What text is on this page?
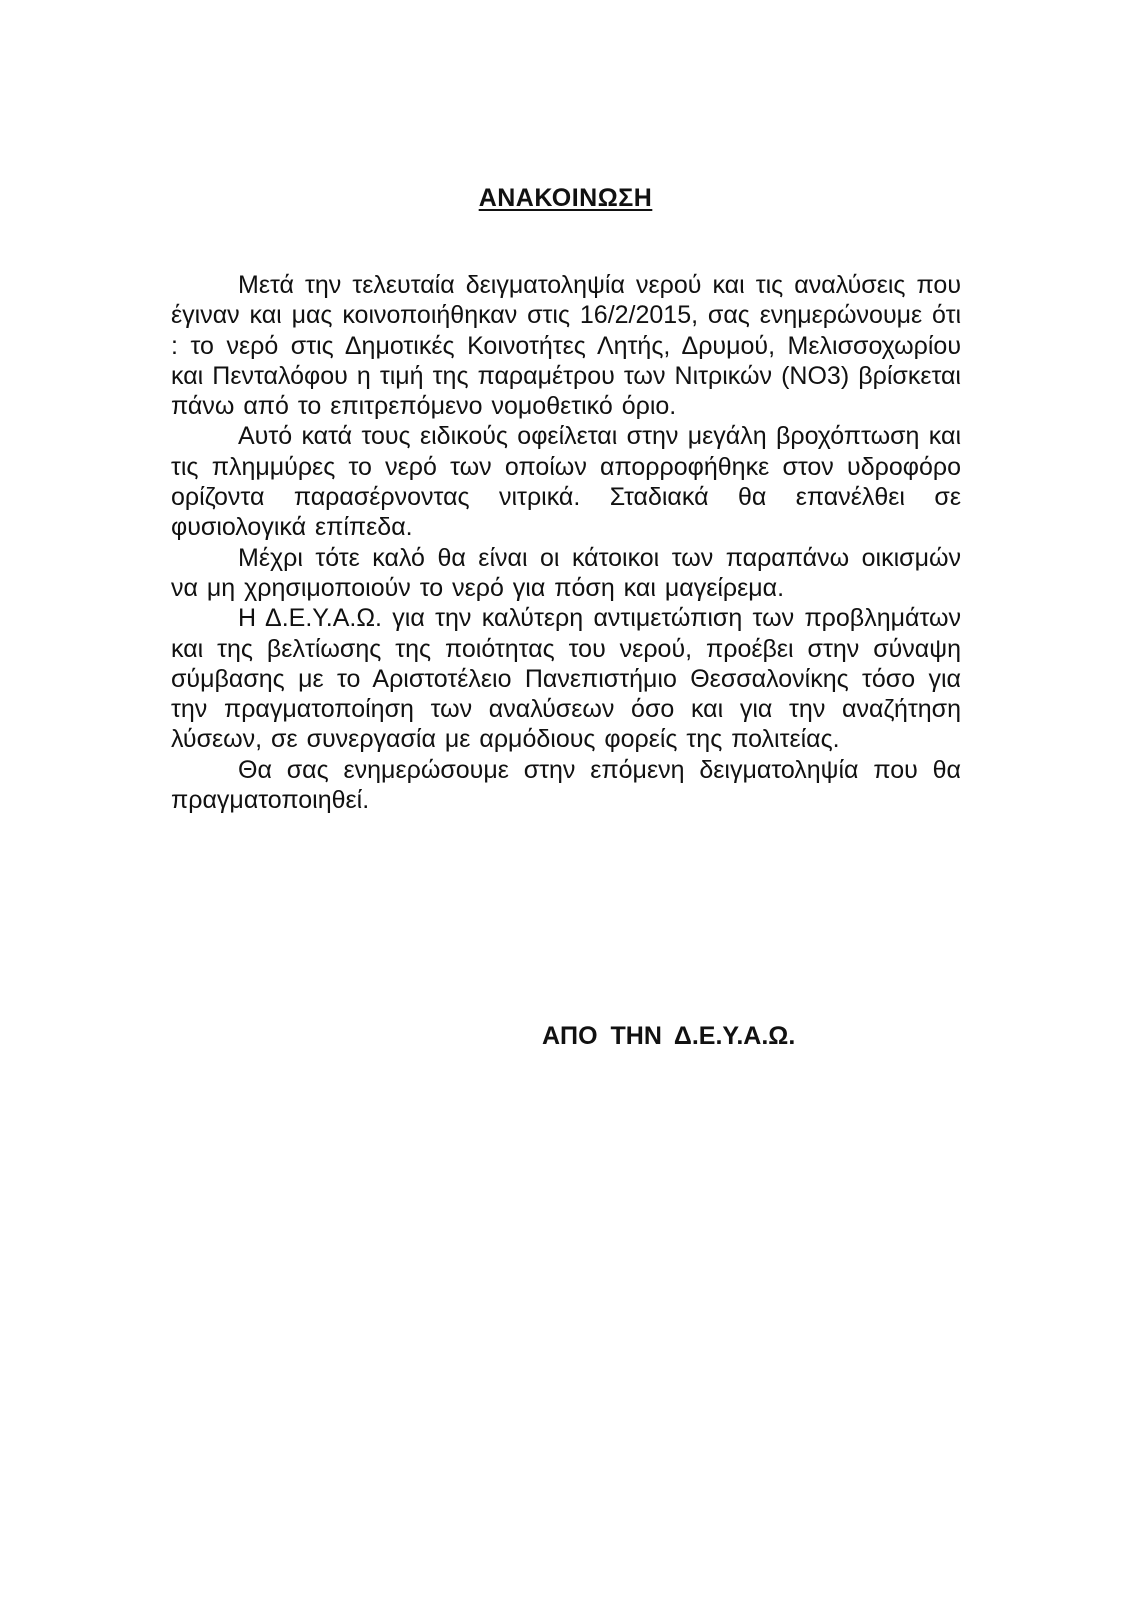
ΑΝΑΚΟΙΝΩΣΗ

Μετά την τελευταία δειγματοληψία νερού και τις αναλύσεις που έγιναν και μας κοινοποιήθηκαν στις 16/2/2015, σας ενημερώνουμε ότι : το νερό στις Δημοτικές Κοινοτήτες Λητής, Δρυμού, Μελισσοχωρίου και Πενταλόφου η τιμή της παραμέτρου των Νιτρικών (ΝΟ3) βρίσκεται πάνω από το επιτρεπόμενο νομοθετικό όριο.

Αυτό κατά τους ειδικούς οφείλεται στην μεγάλη βροχόπτωση και τις πλημμύρες το νερό των οποίων απορροφήθηκε στον υδροφόρο ορίζοντα παρασέρνοντας νιτρικά. Σταδιακά θα επανέλθει σε φυσιολογικά επίπεδα.

Μέχρι τότε καλό θα είναι οι κάτοικοι των παραπάνω οικισμών να μη χρησιμοποιούν το νερό για πόση και μαγείρεμα.

Η Δ.Ε.Υ.Α.Ω. για την καλύτερη αντιμετώπιση των προβλημάτων και της βελτίωσης της ποιότητας του νερού, προέβει στην σύναψη σύμβασης με το Αριστοτέλειο Πανεπιστήμιο Θεσσαλονίκης τόσο για την πραγματοποίηση των αναλύσεων όσο και για την αναζήτηση λύσεων, σε συνεργασία με αρμόδιους φορείς της πολιτείας.

Θα σας ενημερώσουμε στην επόμενη δειγματοληψία που θα πραγματοποιηθεί.

ΑΠΟ ΤΗΝ Δ.Ε.Υ.Α.Ω.
